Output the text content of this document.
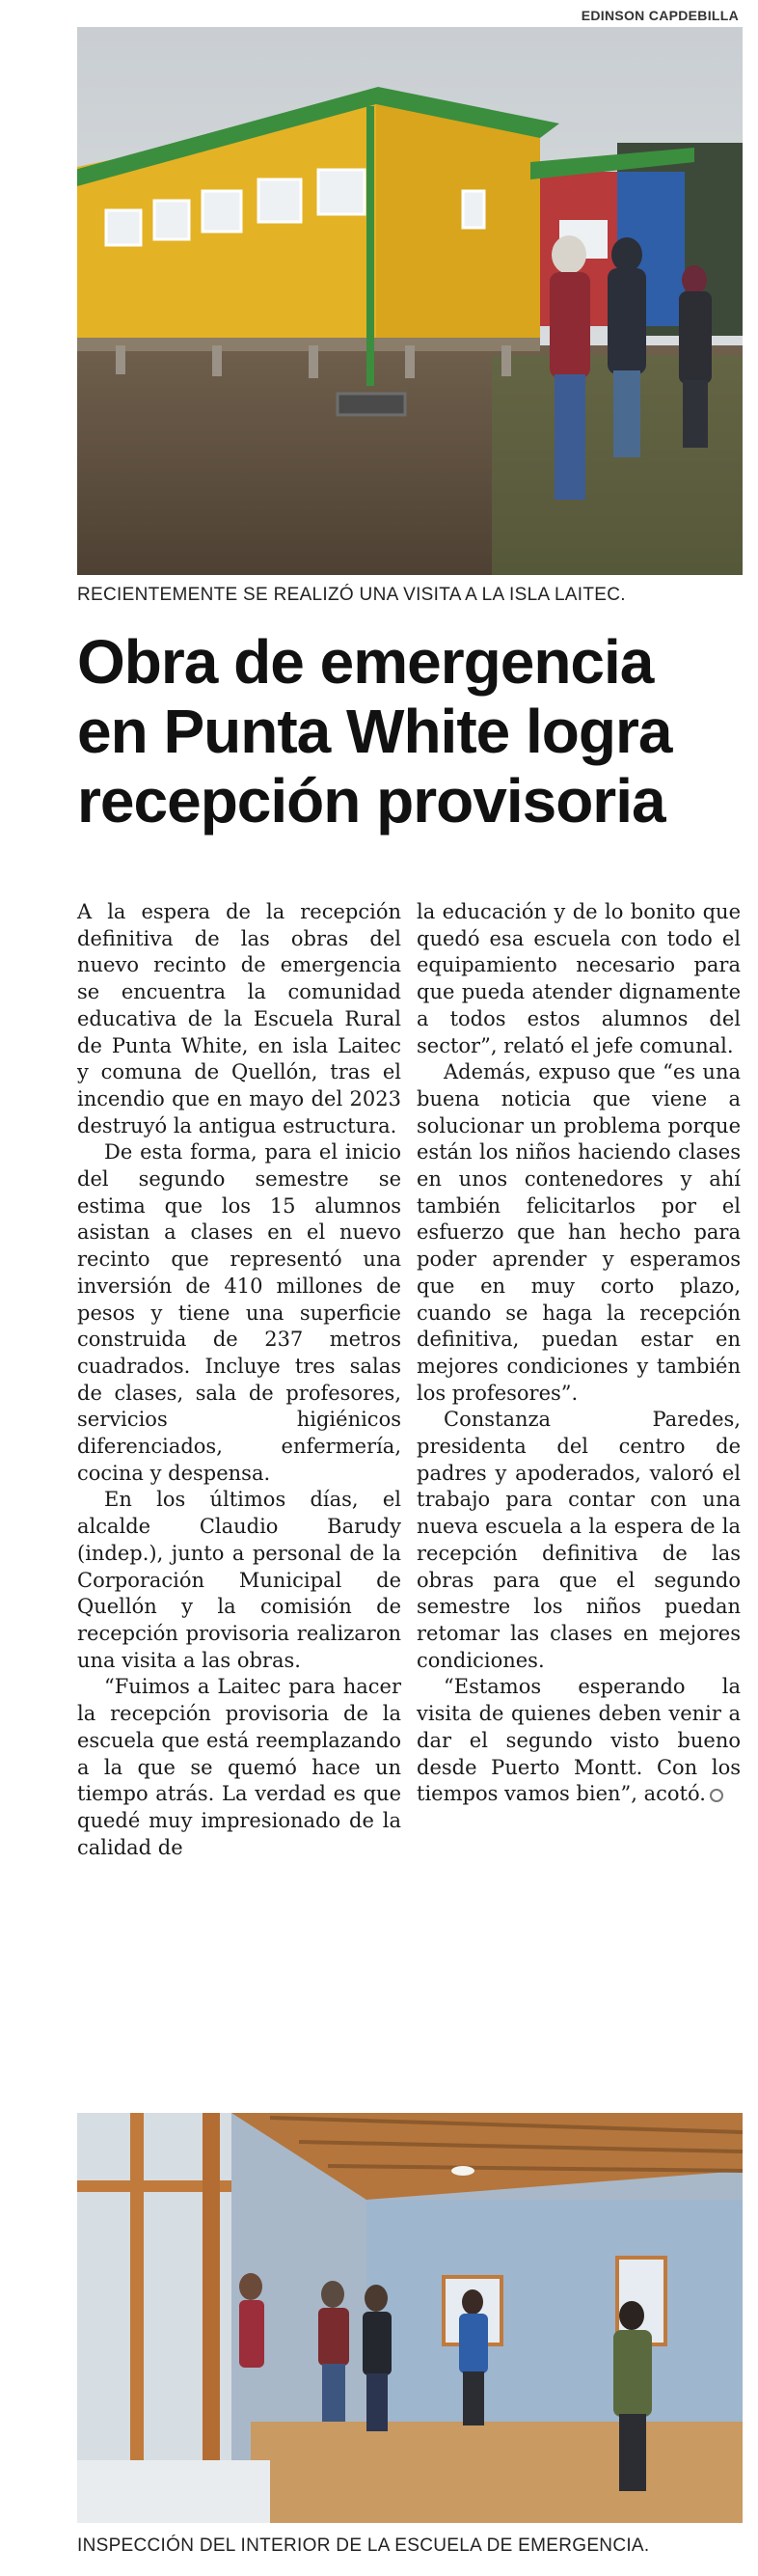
EDINSON CAPDEBILLA
RECIENTEMENTE SE REALIZÓ UNA VISITA A LA ISLA LAITEC.
Obra de emergencia
en Punta White logra
recepción provisoria

A la espera de la recepción definitiva de las obras del nuevo recinto de emergencia se encuentra la comunidad educativa de la Escuela Rural de Punta White, en isla Laitec y comuna de Quellón, tras el incendio que en mayo del 2023 destruyó la antigua estructura.

De esta forma, para el inicio del segundo semestre se estima que los 15 alumnos asistan a clases en el nuevo recinto que representó una inversión de 410 millones de pesos y tiene una superficie construida de 237 metros cuadrados. Incluye tres salas de clases, sala de profesores, servicios higiénicos diferenciados, enfermería, cocina y despensa.

En los últimos días, el alcalde Claudio Barudy (indep.), junto a personal de la Corporación Municipal de Quellón y la comisión de recepción provisoria realizaron una visita a las obras.

“Fuimos a Laitec para hacer la recepción provisoria de la escuela que está reemplazando a la que se quemó hace un tiempo atrás. La verdad es que quedé muy impresionado de la calidad de

la educación y de lo bonito que quedó esa escuela con todo el equipamiento necesario para que pueda atender dignamente a todos estos alumnos del sector”, relató el jefe comunal.

Además, expuso que “es una buena noticia que viene a solucionar un problema porque están los niños haciendo clases en unos contenedores y ahí también felicitarlos por el esfuerzo que han hecho para poder aprender y esperamos que en muy corto plazo, cuando se haga la recepción definitiva, puedan estar en mejores condiciones y también los profesores”.

Constanza Paredes, presidenta del centro de padres y apoderados, valoró el trabajo para contar con una nueva escuela a la espera de la recepción definitiva de las obras para que el segundo semestre los niños puedan retomar las clases en mejores condiciones.

“Estamos esperando la visita de quienes deben venir a dar el segundo visto bueno desde Puerto Montt. Con los tiempos vamos bien”, acotó.

INSPECCIÓN DEL INTERIOR DE LA ESCUELA DE EMERGENCIA.
